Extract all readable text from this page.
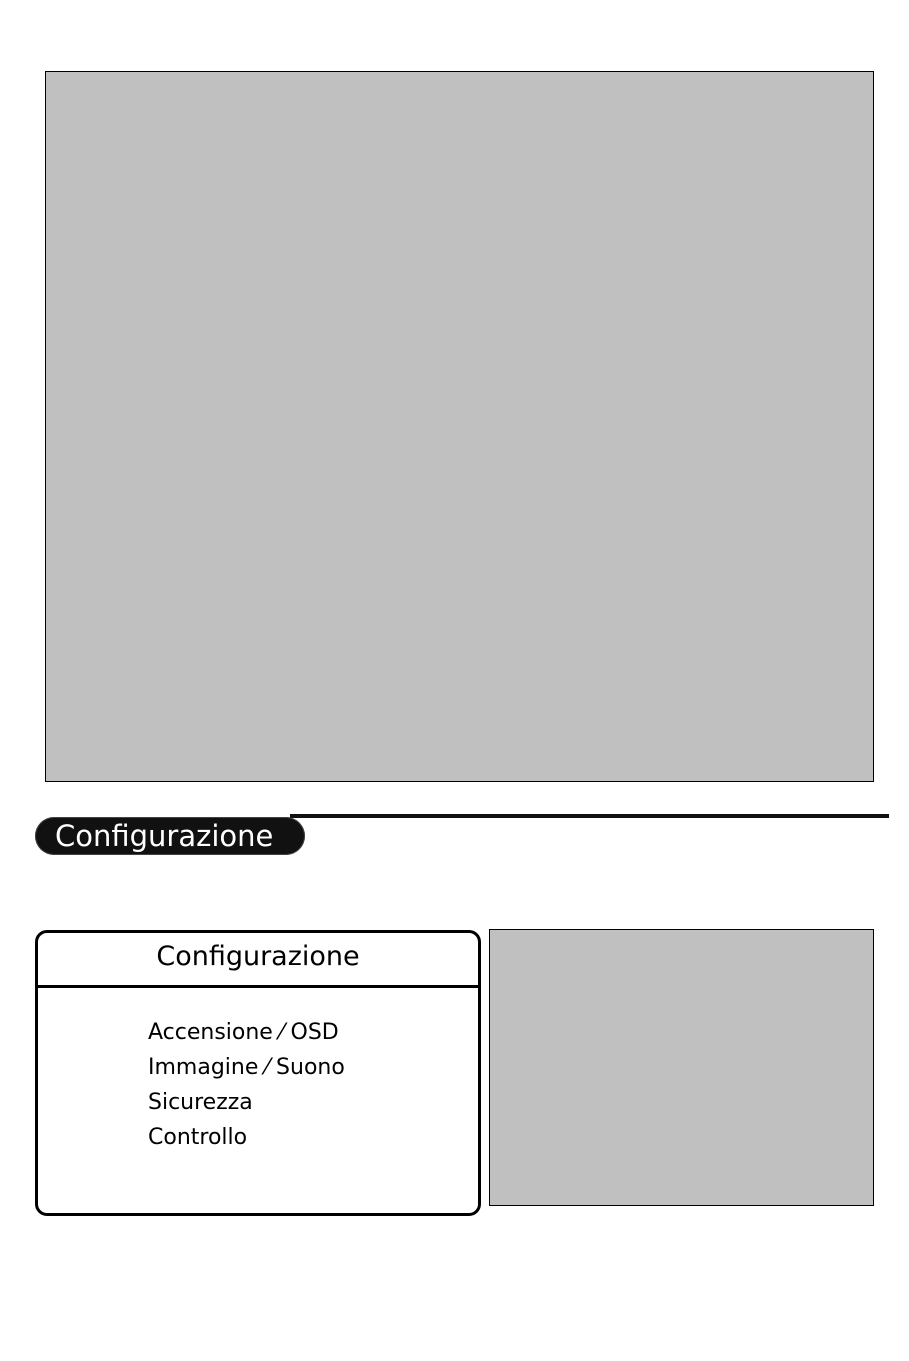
Configurazione
Configurazione
Accensione ⁄ OSD
Immagine ⁄ Suono
Sicurezza
Controllo
